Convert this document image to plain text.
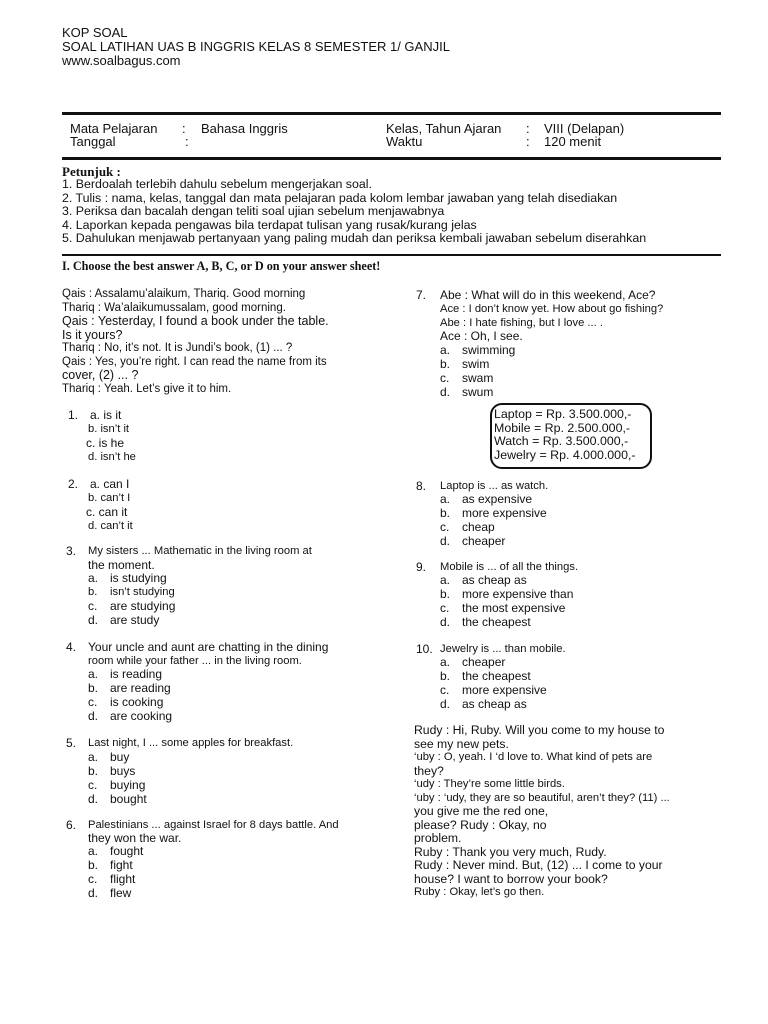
KOP SOAL
SOAL LATIHAN UAS B INGGRIS KELAS 8 SEMESTER 1/ GANJIL
www.soalbagus.com
Mata Pelajaran : Bahasa Inggris
Tanggal	:
Kelas, Tahun Ajaran : VIII (Delapan)
Waktu	: 120 menit
Petunjuk :
1. Berdoalah terlebih dahulu sebelum mengerjakan soal.
2. Tulis : nama, kelas, tanggal dan mata pelajaran pada kolom lembar jawaban yang telah disediakan
3. Periksa dan bacalah dengan teliti soal ujian sebelum menjawabnya
4. Laporkan kepada pengawas bila terdapat tulisan yang rusak/kurang jelas
5. Dahulukan menjawab pertanyaan yang paling mudah dan periksa kembali jawaban sebelum diserahkan
I. Choose the best answer A, B, C, or D on your answer sheet!
Qais : Assalamu’alaikum, Thariq. Good morning
Thariq : Wa’alaikumussalam, good morning.
Qais : Yesterday, I found a book under the table.
Is it yours?
Thariq : No, it’s not. It is Jundi’s book, (1) ... ?
Qais : Yes, you’re right. I can read the name from its
cover, (2) ... ?
Thariq : Yeah. Let’s give it to him.
1. a. is it
b. isn’t it
c. is he
d. isn’t he
2. a. can I
b. can’t I
c. can it
d. can’t it
3. My sisters ... Mathematic in the living room at
the moment.
a. is studying
b. isn’t studying
c. are studying
d. are study
4. Your uncle and aunt are chatting in the dining
room while your father ... in the living room.
a. is reading
b. are reading
c. is cooking
d. are cooking
5. Last night, I ... some apples for breakfast.
a. buy
b. buys
c. buying
d. bought
6. Palestinians ... against Israel for 8 days battle. And
they won the war.
a. fought
b. fight
c. flight
d. flew
7. Abe : What will do in this weekend, Ace?
Ace : I don’t know yet. How about go fishing?
Abe : I hate fishing, but I love ... .
Ace : Oh, I see.
a. swimming
b. swim
c. swam
d. swum
Laptop = Rp. 3.500.000,-
Mobile = Rp. 2.500.000,-
Watch = Rp. 3.500.000,-
Jewelry = Rp. 4.000.000,-
8. Laptop is ... as watch.
a. as expensive
b. more expensive
c. cheap
d. cheaper
9. Mobile is ... of all the things.
a. as cheap as
b. more expensive than
c. the most expensive
d. the cheapest
10. Jewelry is ... than mobile.
a. cheaper
b. the cheapest
c. more expensive
d. as cheap as
Rudy : Hi, Ruby. Will you come to my house to
see my new pets.
‘uby : O, yeah. I ‘d love to. What kind of pets are
they?
‘udy : They’re some little birds.
‘uby : ‘udy, they are so beautiful, aren’t they? (11) ...
you give me the red one,
please? Rudy : Okay, no
problem.
Ruby : Thank you very much, Rudy.
Rudy : Never mind. But, (12) ... I come to your
house? I want to borrow your book?
Ruby : Okay, let’s go then.
